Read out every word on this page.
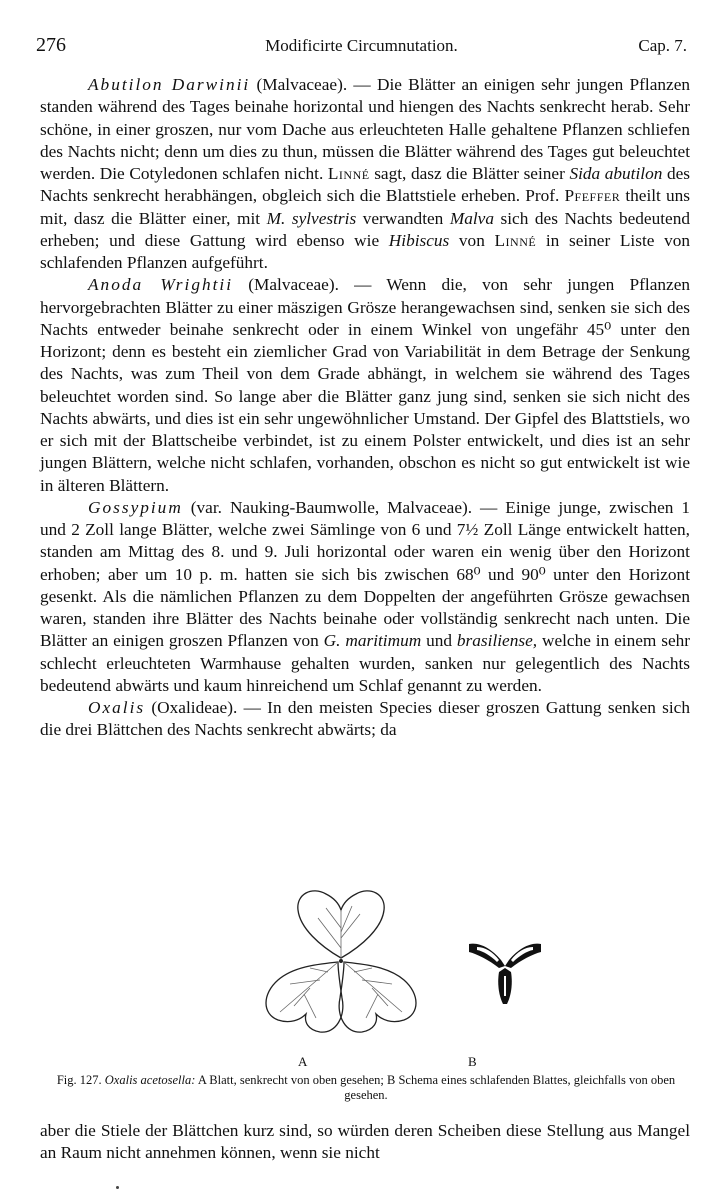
276	Modificirte Circumnutation.	Cap. 7.

Abutilon Darwinii (Malvaceae). — Die Blätter an einigen sehr jungen Pflanzen standen während des Tages beinahe horizontal und hiengen des Nachts senkrecht herab. Sehr schöne, in einer groszen, nur vom Dache aus erleuchteten Halle gehaltene Pflanzen schliefen des Nachts nicht; denn um dies zu thun, müssen die Blätter während des Tages gut beleuchtet werden. Die Cotyledonen schlafen nicht. Linné sagt, dasz die Blätter seiner Sida abutilon des Nachts senkrecht herabhängen, obgleich sich die Blattstiele erheben. Prof. Pfeffer theilt uns mit, dasz die Blätter einer, mit M. sylvestris verwandten Malva sich des Nachts bedeutend erheben; und diese Gattung wird ebenso wie Hibiscus von Linné in seiner Liste von schlafenden Pflanzen aufgeführt.

Anoda Wrightii (Malvaceae). — Wenn die, von sehr jungen Pflanzen hervorgebrachten Blätter zu einer mäszigen Grösze herangewachsen sind, senken sie sich des Nachts entweder beinahe senkrecht oder in einem Winkel von ungefähr 45⁰ unter den Horizont; denn es besteht ein ziemlicher Grad von Variabilität in dem Betrage der Senkung des Nachts, was zum Theil von dem Grade abhängt, in welchem sie während des Tages beleuchtet worden sind. So lange aber die Blätter ganz jung sind, senken sie sich nicht des Nachts abwärts, und dies ist ein sehr ungewöhnlicher Umstand. Der Gipfel des Blattstiels, wo er sich mit der Blattscheibe verbindet, ist zu einem Polster entwickelt, und dies ist an sehr jungen Blättern, welche nicht schlafen, vorhanden, obschon es nicht so gut entwickelt ist wie in älteren Blättern.

Gossypium (var. Nauking-Baumwolle, Malvaceae). — Einige junge, zwischen 1 und 2 Zoll lange Blätter, welche zwei Sämlinge von 6 und 7½ Zoll Länge entwickelt hatten, standen am Mittag des 8. und 9. Juli horizontal oder waren ein wenig über den Horizont erhoben; aber um 10 p. m. hatten sie sich bis zwischen 68⁰ und 90⁰ unter den Horizont gesenkt. Als die nämlichen Pflanzen zu dem Doppelten der angeführten Grösze gewachsen waren, standen ihre Blätter des Nachts beinahe oder vollständig senkrecht nach unten. Die Blätter an einigen groszen Pflanzen von G. maritimum und brasiliense, welche in einem sehr schlecht erleuchteten Warmhause gehalten wurden, sanken nur gelegentlich des Nachts bedeutend abwärts und kaum hinreichend um Schlaf genannt zu werden.

Oxalis (Oxalideae). — In den meisten Species dieser groszen Gattung senken sich die drei Blättchen des Nachts senkrecht abwärts; da

A	B
Fig. 127. Oxalis acetosella: A Blatt, senkrecht von oben gesehen; B Schema eines schlafenden Blattes, gleichfalls von oben gesehen.
aber die Stiele der Blättchen kurz sind, so würden deren Scheiben diese Stellung aus Mangel an Raum nicht annehmen können, wenn sie nicht
